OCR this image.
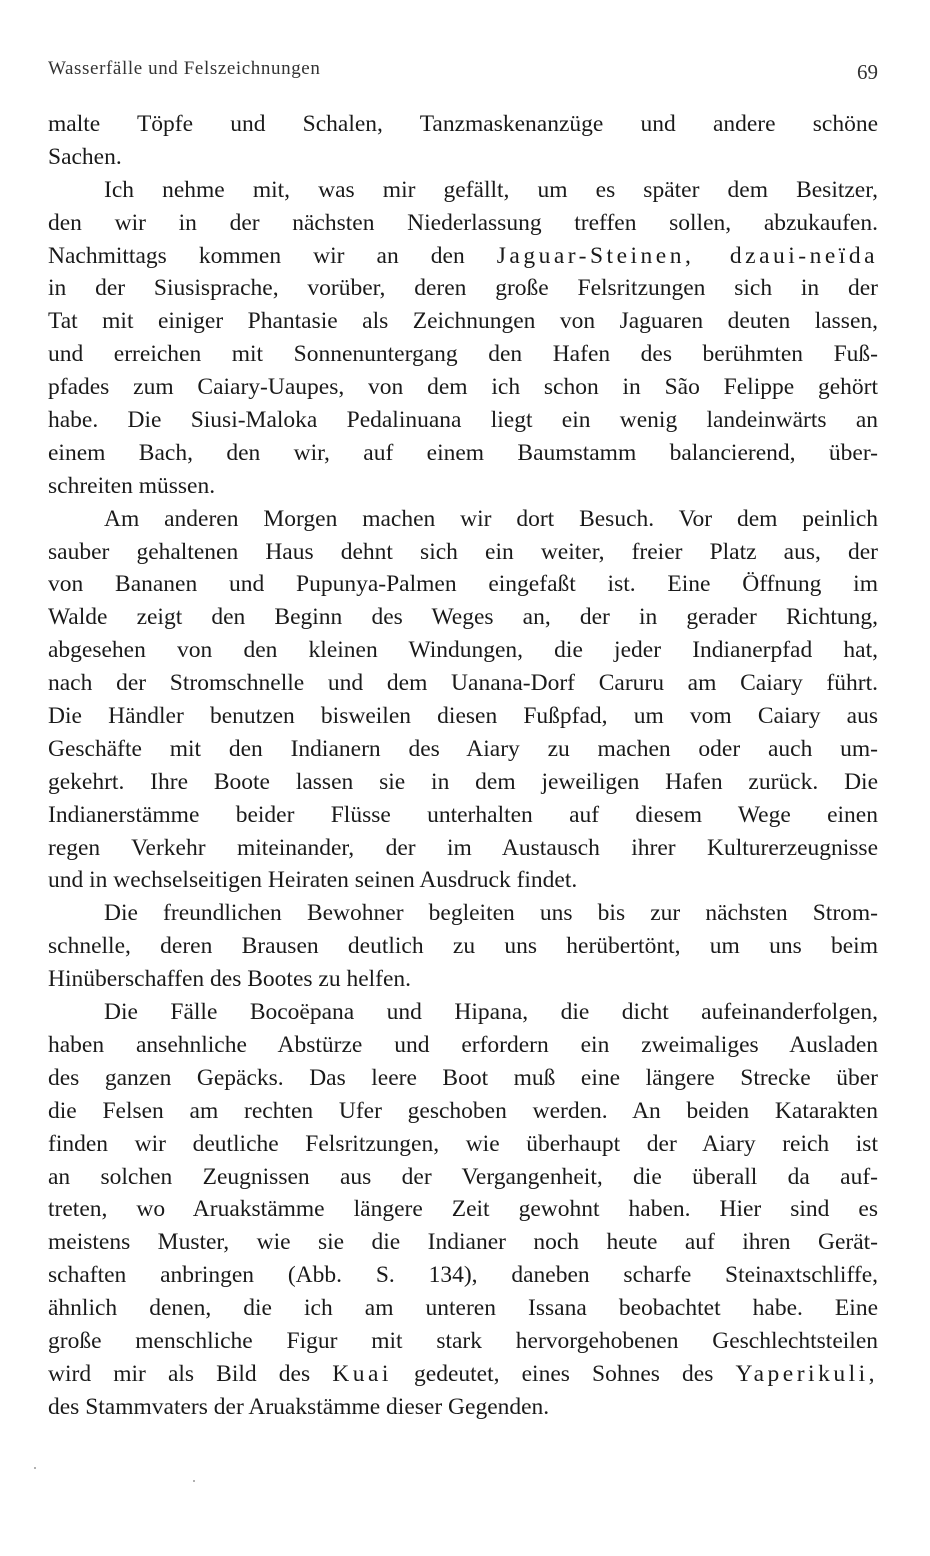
Wasserfälle und Felszeichnungen	69
malte Töpfe und Schalen, Tanzmaskenanzüge und andere schöne
Sachen.
Ich nehme mit, was mir gefällt, um es später dem Besitzer,
den wir in der nächsten Niederlassung treffen sollen, abzukaufen.
Nachmittags kommen wir an den Jaguar-Steinen, dzaui-neïda
in der Siusisprache, vorüber, deren große Felsritzungen sich in der
Tat mit einiger Phantasie als Zeichnungen von Jaguaren deuten lassen,
und erreichen mit Sonnenuntergang den Hafen des berühmten Fuß-
pfades zum Caiary-Uaupes, von dem ich schon in São Felippe gehört
habe. Die Siusi-Maloka Pedalinuana liegt ein wenig landeinwärts an
einem Bach, den wir, auf einem Baumstamm balancierend, über-
schreiten müssen.
Am anderen Morgen machen wir dort Besuch. Vor dem peinlich
sauber gehaltenen Haus dehnt sich ein weiter, freier Platz aus, der
von Bananen und Pupunya-Palmen eingefaßt ist. Eine Öffnung im
Walde zeigt den Beginn des Weges an, der in gerader Richtung,
abgesehen von den kleinen Windungen, die jeder Indianerpfad hat,
nach der Stromschnelle und dem Uanana-Dorf Caruru am Caiary führt.
Die Händler benutzen bisweilen diesen Fußpfad, um vom Caiary aus
Geschäfte mit den Indianern des Aiary zu machen oder auch um-
gekehrt. Ihre Boote lassen sie in dem jeweiligen Hafen zurück. Die
Indianerstämme beider Flüsse unterhalten auf diesem Wege einen
regen Verkehr miteinander, der im Austausch ihrer Kulturerzeugnisse
und in wechselseitigen Heiraten seinen Ausdruck findet.
Die freundlichen Bewohner begleiten uns bis zur nächsten Strom-
schnelle, deren Brausen deutlich zu uns herübertönt, um uns beim
Hinüberschaffen des Bootes zu helfen.
Die Fälle Bocoëpana und Hipana, die dicht aufeinanderfolgen,
haben ansehnliche Abstürze und erfordern ein zweimaliges Ausladen
des ganzen Gepäcks. Das leere Boot muß eine längere Strecke über
die Felsen am rechten Ufer geschoben werden. An beiden Katarakten
finden wir deutliche Felsritzungen, wie überhaupt der Aiary reich ist
an solchen Zeugnissen aus der Vergangenheit, die überall da auf-
treten, wo Aruakstämme längere Zeit gewohnt haben. Hier sind es
meistens Muster, wie sie die Indianer noch heute auf ihren Gerät-
schaften anbringen (Abb. S. 134), daneben scharfe Steinaxtschliffe,
ähnlich denen, die ich am unteren Issana beobachtet habe. Eine
große menschliche Figur mit stark hervorgehobenen Geschlechtsteilen
wird mir als Bild des Kuai gedeutet, eines Sohnes des Yaperikuli,
des Stammvaters der Aruakstämme dieser Gegenden.
